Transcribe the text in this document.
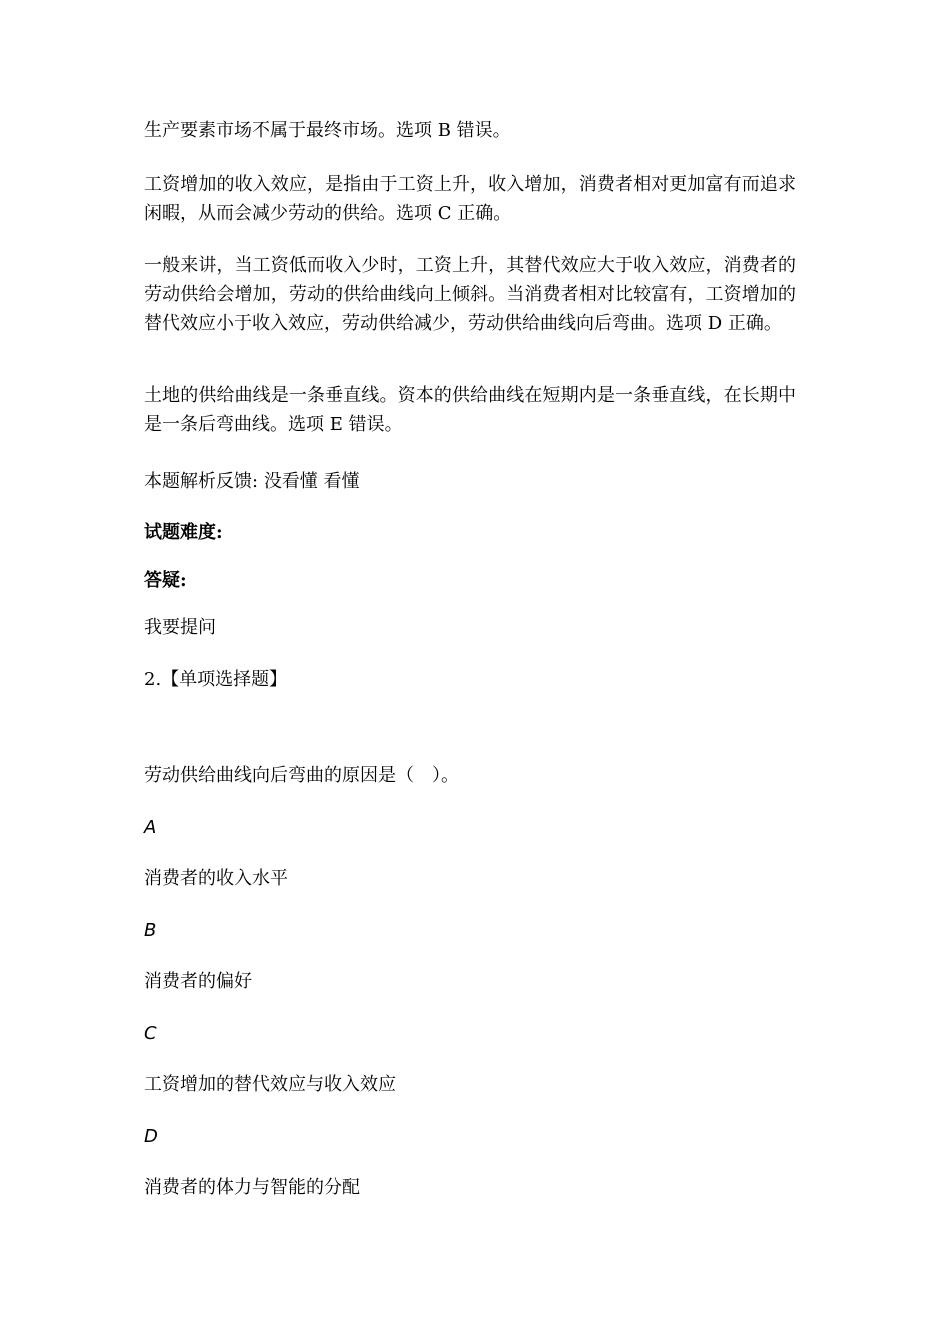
生产要素市场不属于最终市场。选项 B 错误。

工资增加的收入效应，是指由于工资上升，收入增加，消费者相对更加富有而追求闲暇，从而会减少劳动的供给。选项 C 正确。

一般来讲，当工资低而收入少时，工资上升，其替代效应大于收入效应，消费者的劳动供给会增加，劳动的供给曲线向上倾斜。当消费者相对比较富有，工资增加的替代效应小于收入效应，劳动供给减少，劳动供给曲线向后弯曲。选项 D 正确。

土地的供给曲线是一条垂直线。资本的供给曲线在短期内是一条垂直线，在长期中是一条后弯曲线。选项 E 错误。

本题解析反馈: 没看懂 看懂

试题难度:

答疑:

我要提问

2.【单项选择题】

劳动供给曲线向后弯曲的原因是（　）。

A

消费者的收入水平

B

消费者的偏好

C

工资增加的替代效应与收入效应

D

消费者的体力与智能的分配
